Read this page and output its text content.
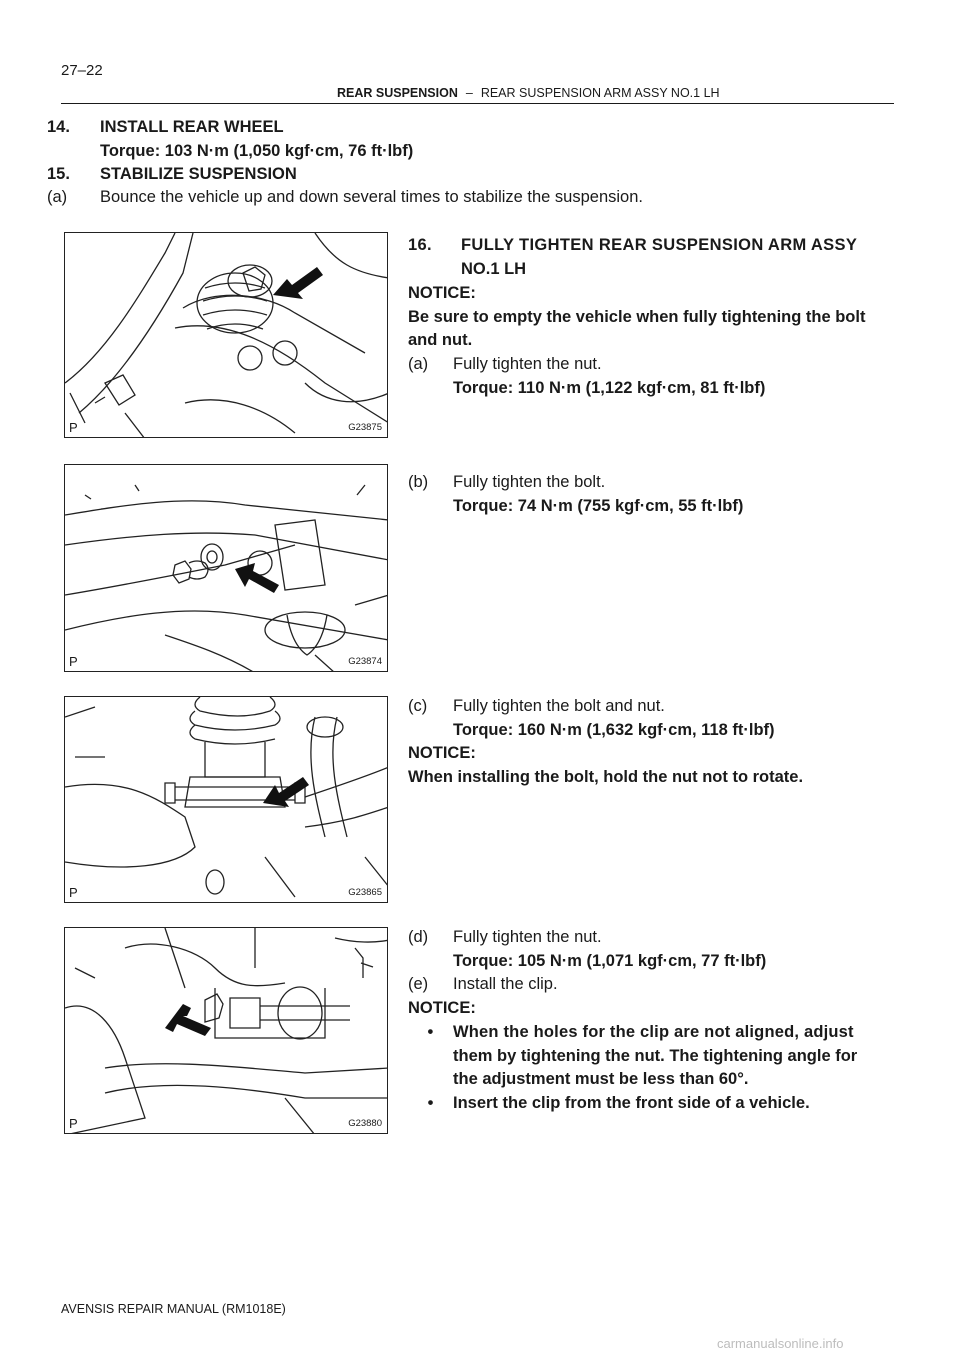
27–22
REAR SUSPENSION – REAR SUSPENSION ARM ASSY NO.1 LH
14. INSTALL REAR WHEEL
Torque: 103 N·m (1,050 kgf·cm, 76 ft·lbf)
15. STABILIZE SUSPENSION
(a) Bounce the vehicle up and down several times to stabilize the suspension.
16. FULLY TIGHTEN REAR SUSPENSION ARM ASSY
NO.1 LH
NOTICE:
Be sure to empty the vehicle when fully tightening the bolt
and nut.
(a) Fully tighten the nut.
Torque: 110 N·m (1,122 kgf·cm, 81 ft·lbf)
(b) Fully tighten the bolt.
Torque: 74 N·m (755 kgf·cm, 55 ft·lbf)
(c) Fully tighten the bolt and nut.
Torque: 160 N·m (1,632 kgf·cm, 118 ft·lbf)
NOTICE:
When installing the bolt, hold the nut not to rotate.
(d) Fully tighten the nut.
Torque: 105 N·m (1,071 kgf·cm, 77 ft·lbf)
(e) Install the clip.
NOTICE:
• When the holes for the clip are not aligned, adjust
them by tightening the nut. The tightening angle for
the adjustment must be less than 60°.
• Insert the clip from the front side of a vehicle.
P	G23875
P	G23874
P	G23865
P	G23880
AVENSIS REPAIR MANUAL (RM1018E)
carmanualsonline.info
